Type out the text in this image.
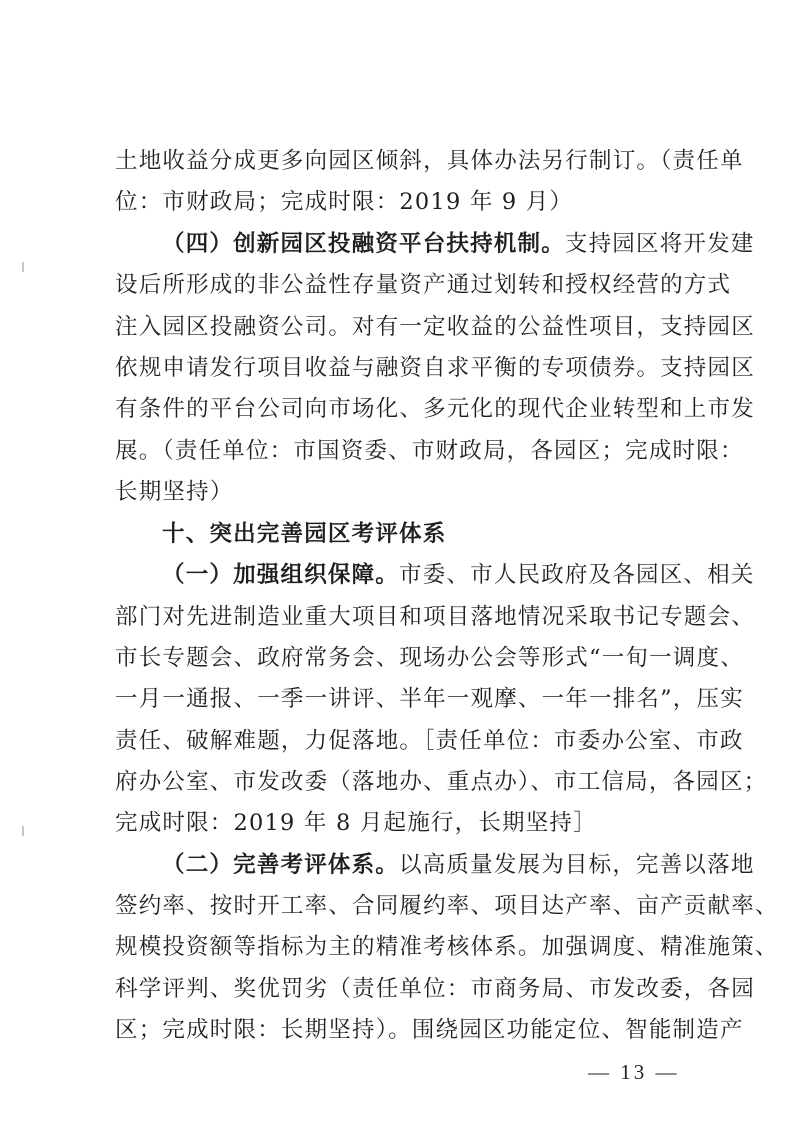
土地收益分成更多向园区倾斜，具体办法另行制订。（责任单
位：市财政局；完成时限：2019 年 9 月）
（四）创新园区投融资平台扶持机制。支持园区将开发建
设后所形成的非公益性存量资产通过划转和授权经营的方式
注入园区投融资公司。对有一定收益的公益性项目，支持园区
依规申请发行项目收益与融资自求平衡的专项债券。支持园区
有条件的平台公司向市场化、多元化的现代企业转型和上市发
展。（责任单位：市国资委、市财政局，各园区；完成时限：
长期坚持）
十、突出完善园区考评体系
（一）加强组织保障。市委、市人民政府及各园区、相关
部门对先进制造业重大项目和项目落地情况采取书记专题会、
市长专题会、政府常务会、现场办公会等形式“一旬一调度、
一月一通报、一季一讲评、半年一观摩、一年一排名”，压实
责任、破解难题，力促落地。［责任单位：市委办公室、市政
府办公室、市发改委（落地办、重点办）、市工信局，各园区；
完成时限：2019 年 8 月起施行，长期坚持］
（二）完善考评体系。以高质量发展为目标，完善以落地
签约率、按时开工率、合同履约率、项目达产率、亩产贡献率、
规模投资额等指标为主的精准考核体系。加强调度、精准施策、
科学评判、奖优罚劣（责任单位：市商务局、市发改委，各园
区；完成时限：长期坚持）。围绕园区功能定位、智能制造产
— 13 —
